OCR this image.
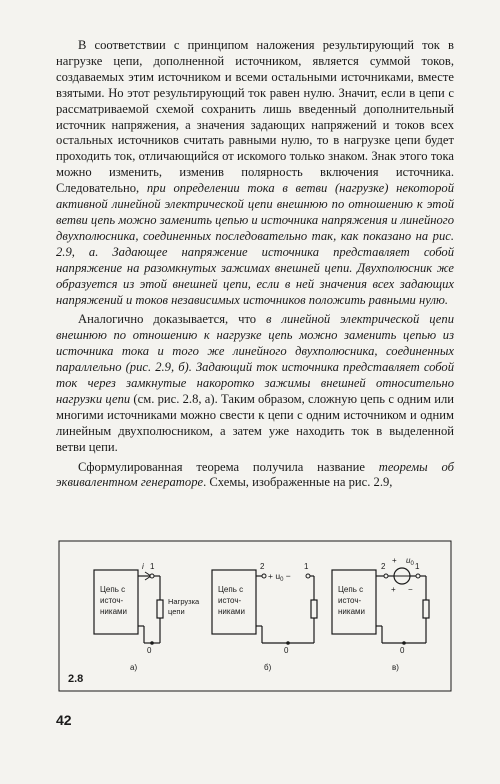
В соответствии с принципом наложения результирующий ток в нагрузке цепи, дополненной источником, является суммой токов, создаваемых этим источником и всеми остальными источниками, вместе взятыми. Но этот результирующий ток равен нулю. Значит, если в цепи с рассматриваемой схемой сохранить лишь введенный дополнительный источник напряжения, а значения задающих напряжений и токов всех остальных источников считать равными нулю, то в нагрузке цепи будет проходить ток, отличающийся от искомого только знаком. Знак этого тока можно изменить, изменив полярность включения источника. Следовательно, при определении тока в ветви (нагрузке) некоторой активной линейной электрической цепи внешнюю по отношению к этой ветви цепь можно заменить цепью и источника напряжения и линейного двухполюсника, соединенных последовательно так, как показано на рис. 2.9, а. Задающее напряжение источника представляет собой напряжение на разомкнутых зажимах внешней цепи. Двухполюсник же образуется из этой внешней цепи, если в ней значения всех задающих напряжений и токов независимых источников положить равными нулю.

Аналогично доказывается, что в линейной электрической цепи внешнюю по отношению к нагрузке цепь можно заменить цепью из источника тока и того же линейного двухполюсника, соединенных параллельно (рис. 2.9, б). Задающий ток источника представляет собой ток через замкнутые накоротко зажимы внешней относительно нагрузки цепи (см. рис. 2.8, а). Таким образом, сложную цепь с одним или многими источниками можно свести к цепи с одним источником и одним линейным двухполюсником, а затем уже находить ток в выделенной ветви цепи.

Сформулированная теорема получила название теоремы об эквивалентном генераторе. Схемы, изображенные на рис. 2.9,

Цепь с
источ-
никами
0
1
i
Нагрузка
цепи
а)
Цепь с
источ-
никами
2
+ $u_0$ −
1
0
б)
Цепь с
источ-
никами
2
+ $u_0$
+ −
1
0
в)
2.8
42
